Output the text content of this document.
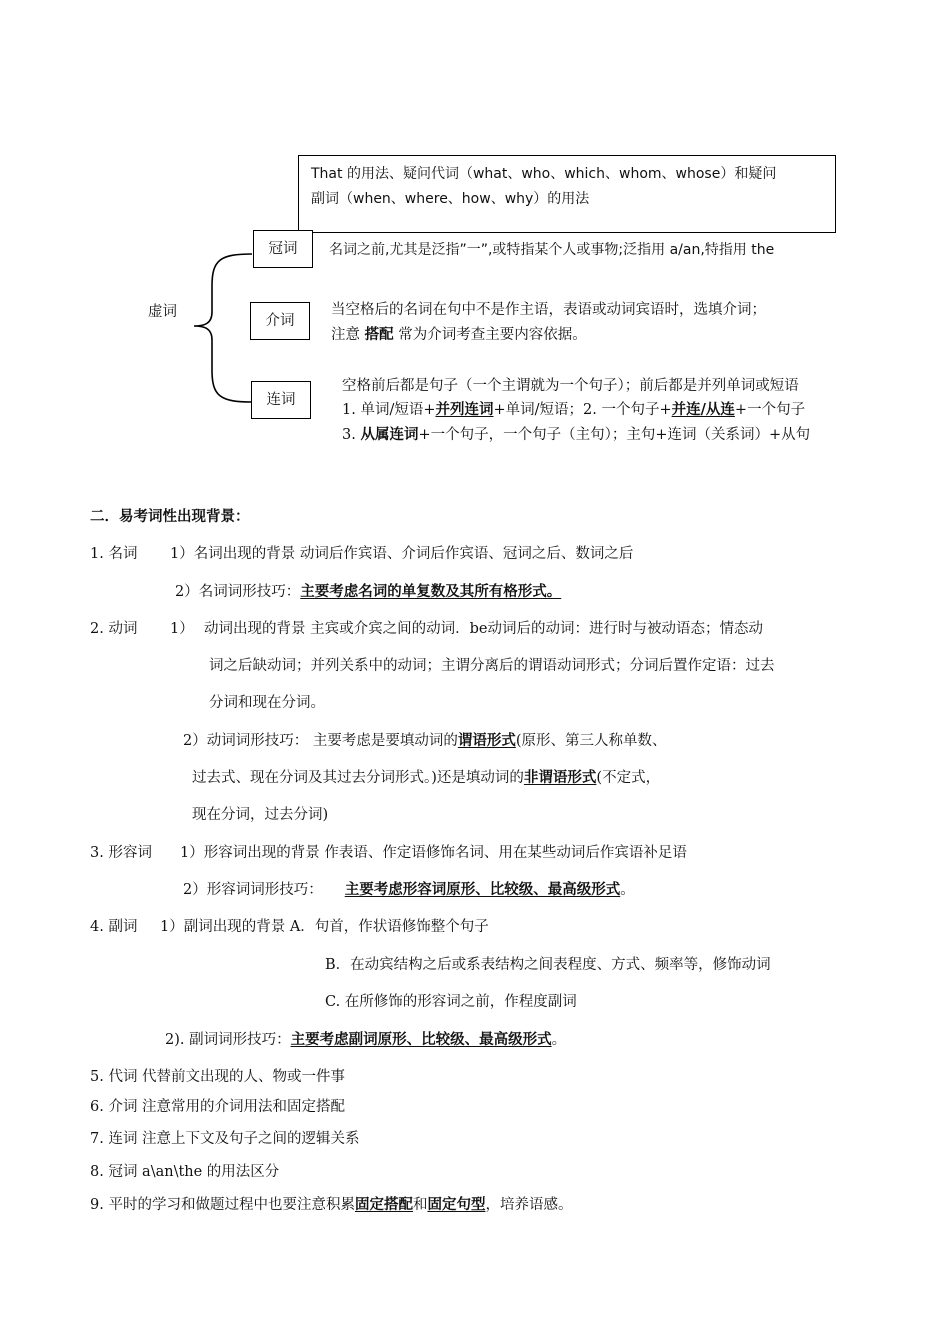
That 的用法、疑问代词（what、who、which、whom、whose）和疑问
副词（when、where、how、why）的用法
虚词
冠词	名词之前,尤其是泛指”一”,或特指某个人或事物;泛指用 a/an,特指用 the
介词
当空格后的名词在句中不是作主语，表语或动词宾语时，选填介词；
注意 搭配 常为介词考查主要内容依据。
连词
空格前后都是句子（一个主谓就为一个句子）；前后都是并列单词或短语
1. 单词/短语+并列连词+单词/短语；2. 一个句子+并连/从连+一个句子
3. 从属连词+一个句子，一个句子（主句）；主句+连词（关系词）+从句
二．易考词性出现背景：
1. 名词 1）名词出现的背景 动词后作宾语、介词后作宾语、冠词之后、数词之后
2）名词词形技巧：主要考虑名词的单复数及其所有格形式。
2. 动词 1） 动词出现的背景 主宾或介宾之间的动词．be动词后的动词：进行时与被动语态；情态动
词之后缺动词；并列关系中的动词；主谓分离后的谓语动词形式；分词后置作定语：过去
分词和现在分词。
2）动词词形技巧： 主要考虑是要填动词的谓语形式(原形、第三人称单数、
过去式、现在分词及其过去分词形式。)还是填动词的非谓语形式(不定式，
现在分词，过去分词)
3. 形容词 1）形容词出现的背景 作表语、作定语修饰名词、用在某些动词后作宾语补足语
2）形容词词形技巧： 主要考虑形容词原形、比较级、最高级形式。
4. 副词 1）副词出现的背景 A．句首，作状语修饰整个句子
B．在动宾结构之后或系表结构之间表程度、方式、频率等，修饰动词
C. 在所修饰的形容词之前，作程度副词
2). 副词词形技巧：主要考虑副词原形、比较级、最高级形式。
5. 代词 代替前文出现的人、物或一件事
6. 介词 注意常用的介词用法和固定搭配
7. 连词 注意上下文及句子之间的逻辑关系
8. 冠词 a\an\the 的用法区分
9. 平时的学习和做题过程中也要注意积累固定搭配和固定句型，培养语感。
